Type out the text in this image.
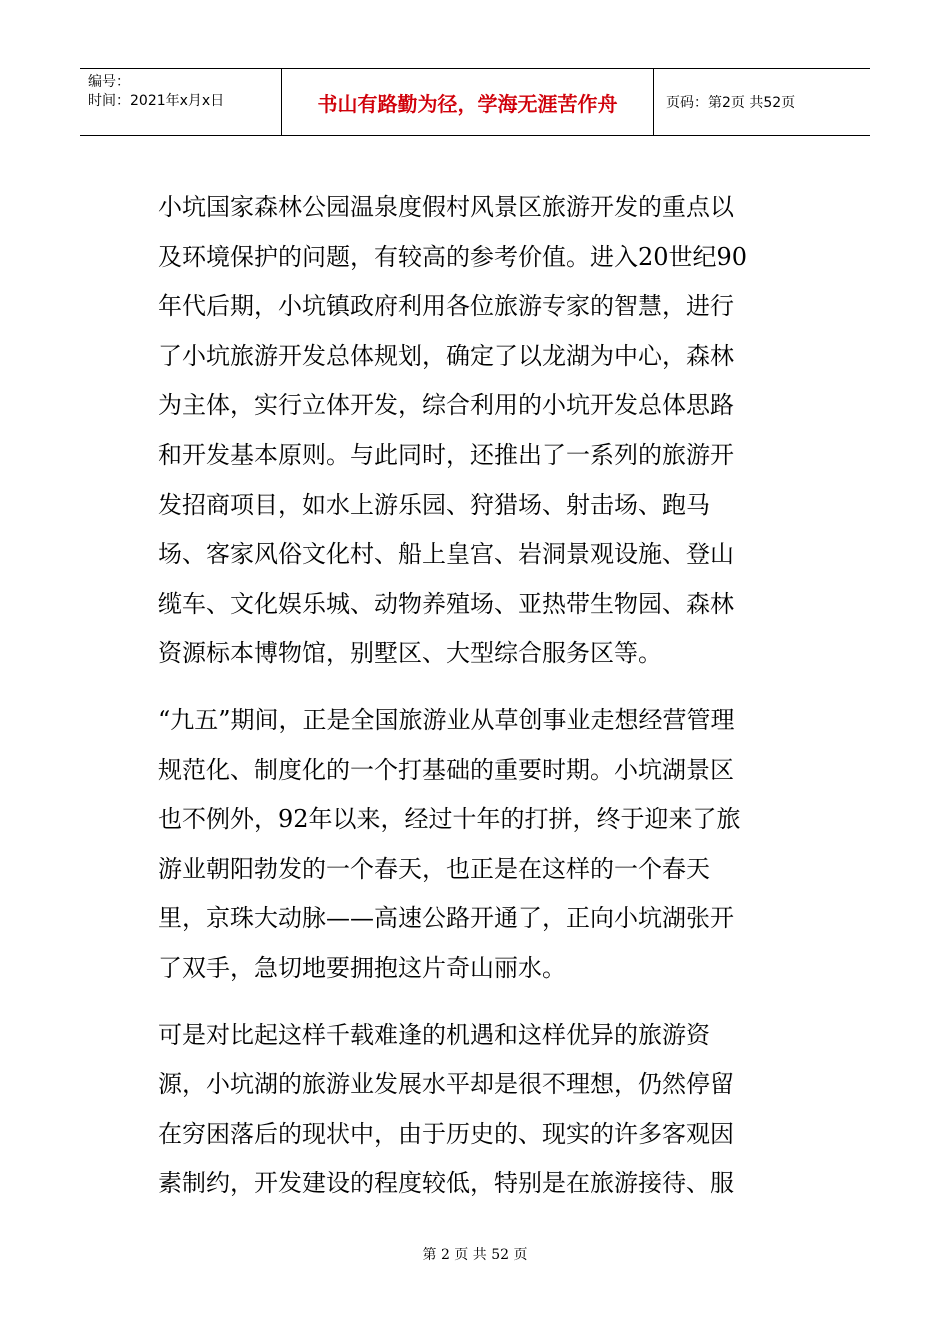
编号：
时间：2021年x月x日	书山有路勤为径，学海无涯苦作舟	页码：第2页 共52页
小坑国家森林公园温泉度假村风景区旅游开发的重点以
及环境保护的问题，有较高的参考价值。进入20世纪90
年代后期，小坑镇政府利用各位旅游专家的智慧，进行
了小坑旅游开发总体规划，确定了以龙湖为中心，森林
为主体，实行立体开发，综合利用的小坑开发总体思路
和开发基本原则。与此同时，还推出了一系列的旅游开
发招商项目，如水上游乐园、狩猎场、射击场、跑马
场、客家风俗文化村、船上皇宫、岩洞景观设施、登山
缆车、文化娱乐城、动物养殖场、亚热带生物园、森林
资源标本博物馆，别墅区、大型综合服务区等。
“九五”期间，正是全国旅游业从草创事业走想经营管理
规范化、制度化的一个打基础的重要时期。小坑湖景区
也不例外，92年以来，经过十年的打拼，终于迎来了旅
游业朝阳勃发的一个春天，也正是在这样的一个春天
里，京珠大动脉——高速公路开通了，正向小坑湖张开
了双手，急切地要拥抱这片奇山丽水。
可是对比起这样千载难逢的机遇和这样优异的旅游资
源，小坑湖的旅游业发展水平却是很不理想，仍然停留
在穷困落后的现状中，由于历史的、现实的许多客观因
素制约，开发建设的程度较低，特别是在旅游接待、服
第 2 页 共 52 页
